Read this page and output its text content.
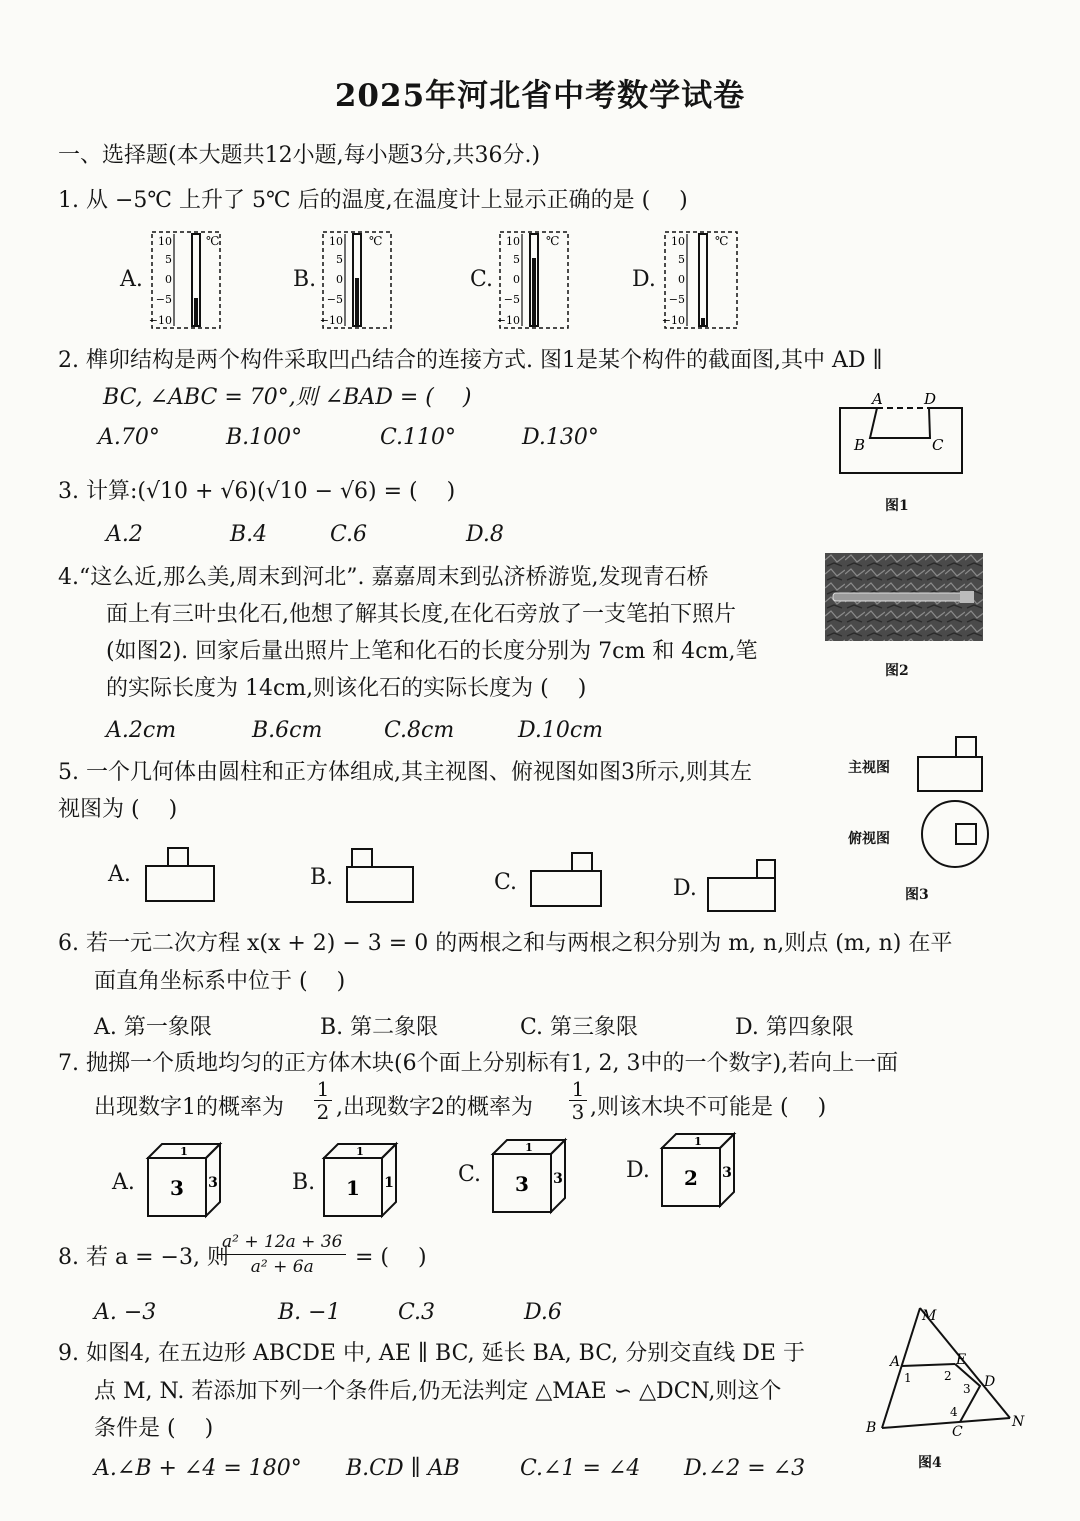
2025年河北省中考数学试卷
一、选择题(本大题共12小题,每小题3分,共36分.)
1. 从 −5℃ 上升了 5℃ 后的温度,在温度计上显示正确的是 (　 )
A.	B.	C.	D.
10
5
0
−5
−10
℃	10
5
0
−5
−10
℃	10
5
0
−5
−10
℃	10
5
0
−5
−10
℃
2. 榫卯结构是两个构件采取凹凸结合的连接方式. 图1是某个构件的截面图,其中 AD ∥
BC, ∠ABC = 70°,则 ∠BAD = (　 )
A.70°	B.100°	C.110°	D.130°
A	D
B	C
图1
3. 计算:(√10 + √6)(√10 − √6) = (　 )
A.2	B.4	C.6	D.8
4.“这么近,那么美,周末到河北”. 嘉嘉周末到弘济桥游览,发现青石桥
面上有三叶虫化石,他想了解其长度,在化石旁放了一支笔拍下照片
(如图2). 回家后量出照片上笔和化石的长度分别为 7cm 和 4cm,笔
的实际长度为 14cm,则该化石的实际长度为 (　 )
A.2cm	B.6cm	C.8cm	D.10cm
图2
5. 一个几何体由圆柱和正方体组成,其主视图、俯视图如图3所示,则其左
视图为 (　 )
A.	B.	C.	D.
主视图
俯视图
图3
6. 若一元二次方程 x(x + 2) − 3 = 0 的两根之和与两根之积分别为 m, n,则点 (m, n) 在平
面直角坐标系中位于 (　 )
A. 第一象限	B. 第二象限	C. 第三象限	D. 第四象限
7. 抛掷一个质地均匀的正方体木块(6个面上分别标有1, 2, 3中的一个数字),若向上一面
出现数字1的概率为
1
2 ,出现数字2的概率为
1
3 ,则该木块不可能是 (　 )
A.	B.	C.	D.
1
3 3
1
1 1
1
3 3
1
2 3
8. 若 a = −3, 则
a² + 12a + 36
a² + 6a	= (　 )
A. −3	B. −1	C.3	D.6
9. 如图4, 在五边形 ABCDE 中, AE ∥ BC, 延长 BA, BC, 分别交直线 DE 于
点 M, N. 若添加下列一个条件后,仍无法判定 △MAE ∽ △DCN,则这个
条件是 (　 )
A.∠B + ∠4 = 180° B.CD ∥ AB	C.∠1 = ∠4 D.∠2 = ∠3
M
A	E
1	2
3 D
4
B	C
N
图4
